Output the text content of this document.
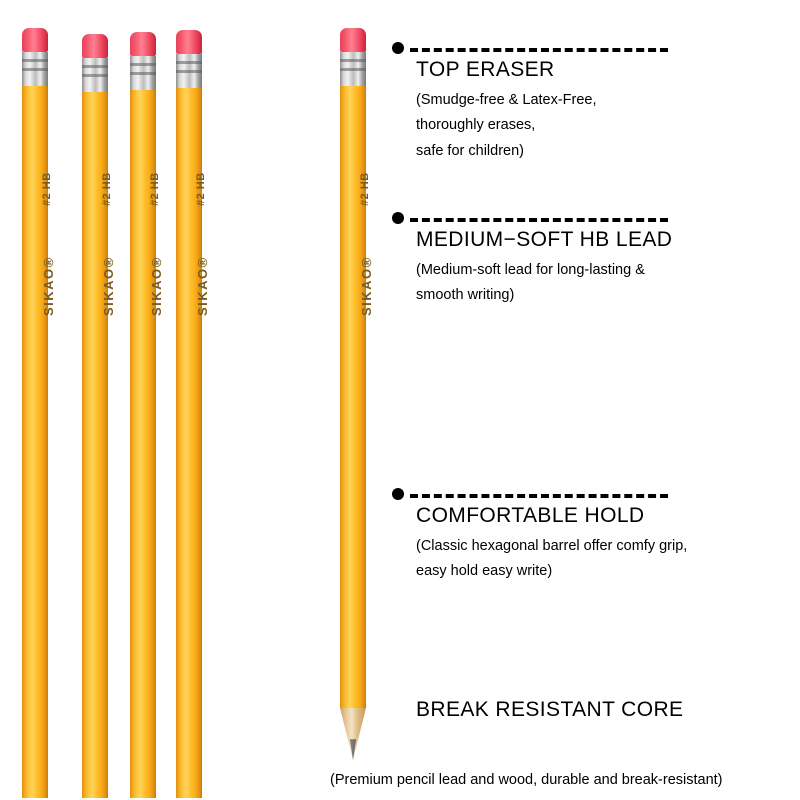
SIKAO®
#2 HB
SIKAO®
#2 HB
SIKAO®
#2 HB
SIKAO®
#2 HB
SIKAO®
#2 HB
TOP ERASER
(Smudge-free & Latex-Free,
thoroughly erases,
safe for children)
MEDIUM−SOFT HB LEAD
(Medium-soft lead for long-lasting &
smooth writing)
COMFORTABLE HOLD
(Classic hexagonal barrel offer comfy grip,
easy hold easy write)
BREAK RESISTANT CORE
(Premium pencil lead and wood, durable and break-resistant)
